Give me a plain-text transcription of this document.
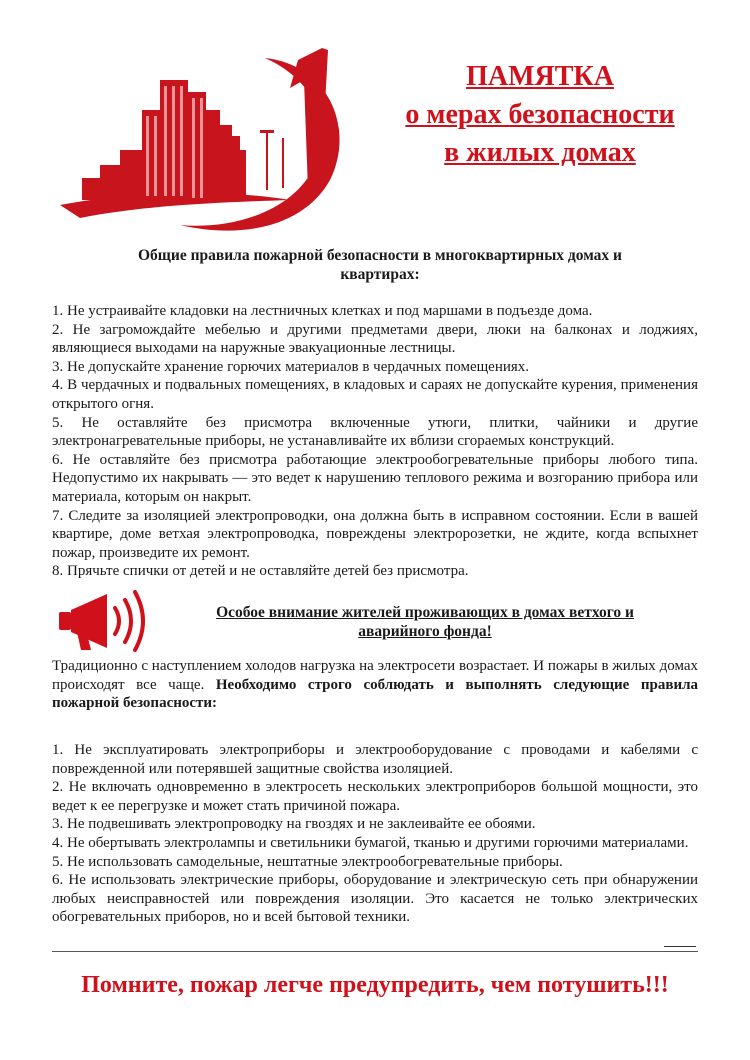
ПАМЯТКА
о мерах безопасности
в жилых домах
Общие правила пожарной безопасности в многоквартирных домах и
квартирах:

1. Не устраивайте кладовки на лестничных клетках и под маршами в подъезде дома.

2. Не загромождайте мебелью и другими предметами двери, люки на балконах и лоджиях, являющиеся выходами на наружные эвакуационные лестницы.

3. Не допускайте хранение горючих материалов в чердачных помещениях.

4. В чердачных и подвальных помещениях, в кладовых и сараях не допускайте курения, применения открытого огня.

5. Не оставляйте без присмотра включенные утюги, плитки, чайники и другие электронагревательные приборы, не устанавливайте их вблизи сгораемых конструкций.

6. Не оставляйте без присмотра работающие электрообогревательные приборы любого типа. Недопустимо их накрывать — это ведет к нарушению теплового режима и возгоранию прибора или материала, которым он накрыт.

7. Следите за изоляцией электропроводки, она должна быть в исправном состоянии. Если в вашей квартире, доме ветхая электропроводка, повреждены электророзетки, не ждите, когда вспыхнет пожар, произведите их ремонт.

8. Прячьте спички от детей и не оставляйте детей без присмотра.

Особое внимание жителей проживающих в домах ветхого и
аварийного фонда!
Традиционно с наступлением холодов нагрузка на электросети возрастает. И пожары в жилых домах происходят все чаще. Необходимо строго соблюдать и выполнять следующие правила пожарной безопасности:

1. Не эксплуатировать электроприборы и электрооборудование с проводами и кабелями с поврежденной или потерявшей защитные свойства изоляцией.

2. Не включать одновременно в электросеть нескольких электроприборов большой мощности, это ведет к ее перегрузке и может стать причиной пожара.

3. Не подвешивать электропроводку на гвоздях и не заклеивайте ее обоями.

4. Не обертывать электролампы и светильники бумагой, тканью и другими горючими материалами.

5. Не использовать самодельные, нештатные электрообогревательные приборы.

6. Не использовать электрические приборы, оборудование и электрическую сеть при обнаружении любых неисправностей или повреждения изоляции. Это касается не только электрических обогревательных приборов, но и всей бытовой техники.

Помните, пожар легче предупредить, чем потушить!!!
